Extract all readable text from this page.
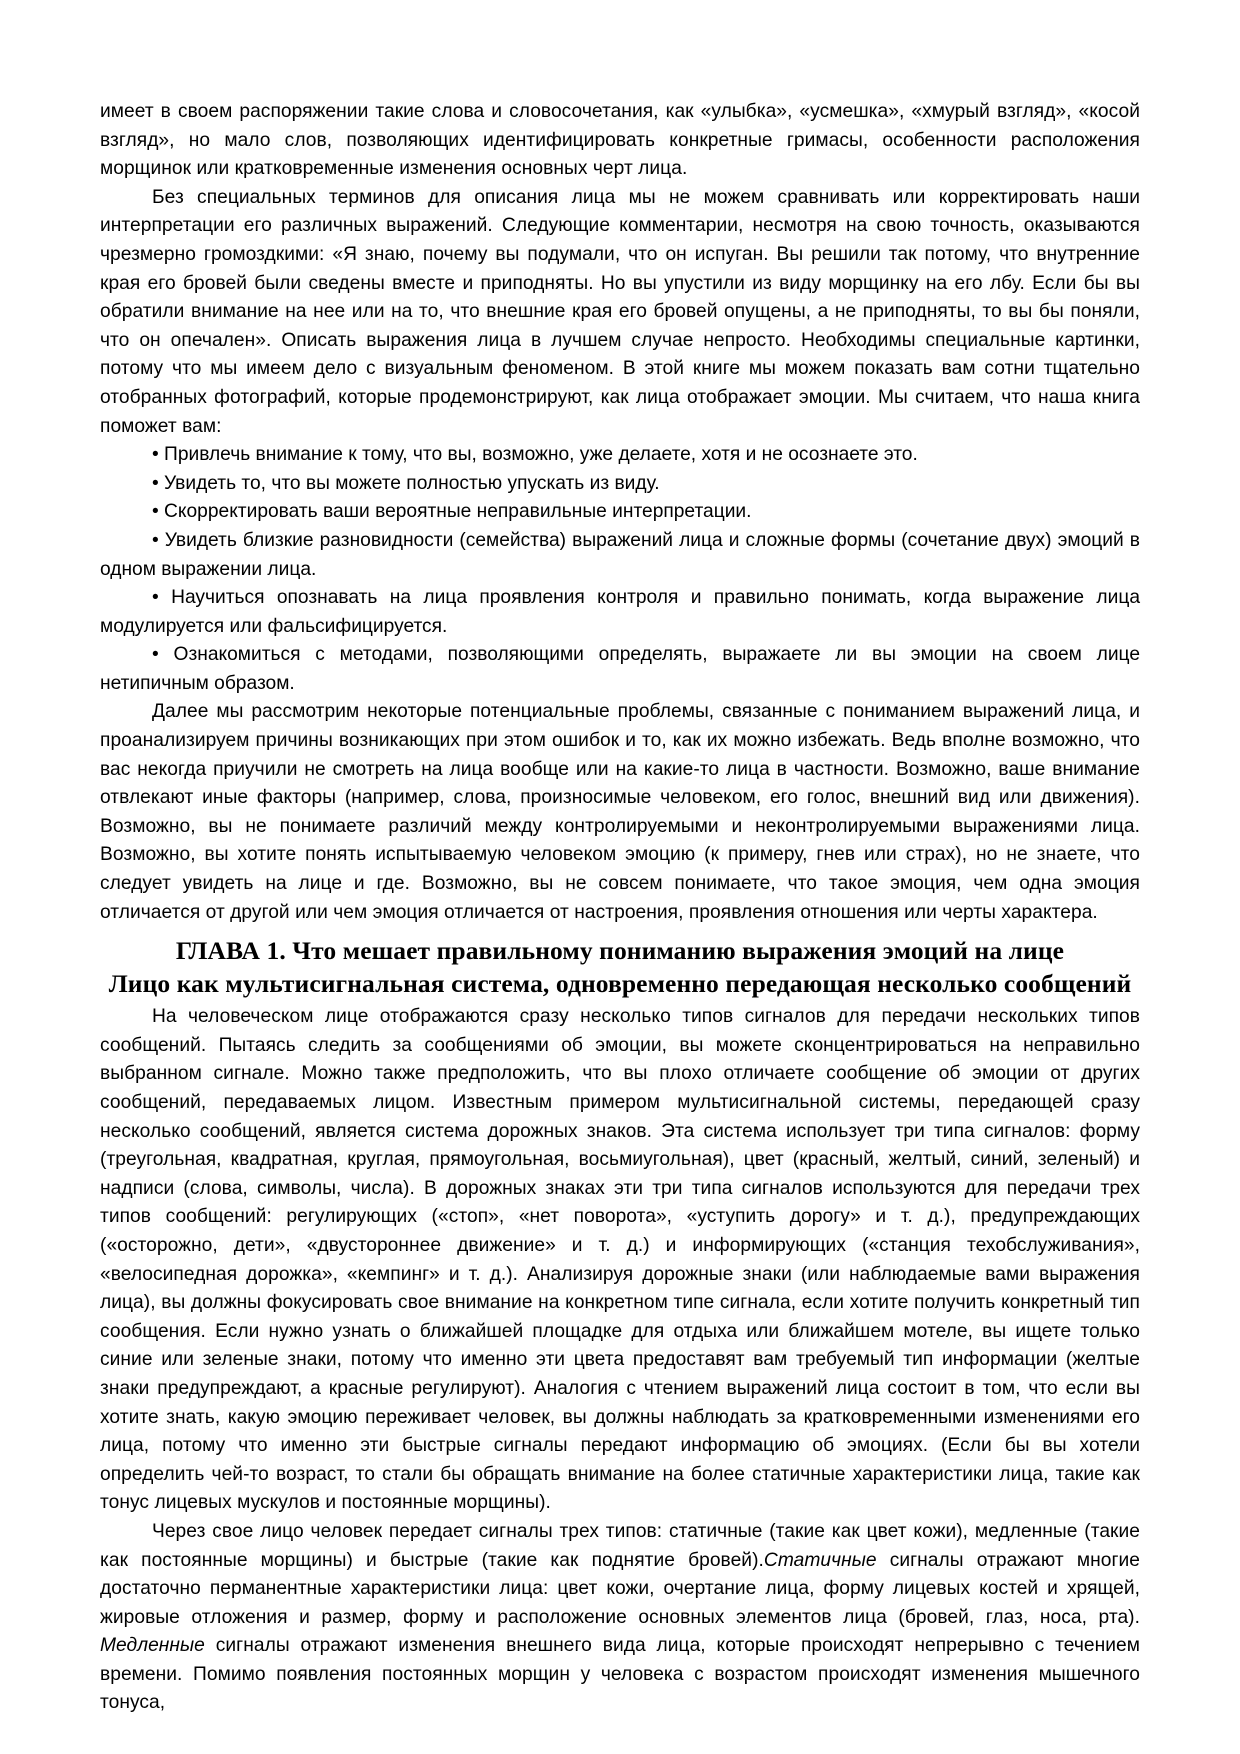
имеет в своем распоряжении такие слова и словосочетания, как «улыбка», «усмешка», «хмурый взгляд», «косой взгляд», но мало слов, позволяющих идентифицировать конкретные гримасы, особенности расположения морщинок или кратковременные изменения основных черт лица.

Без специальных терминов для описания лица мы не можем сравнивать или корректировать наши интерпретации его различных выражений. Следующие комментарии, несмотря на свою точность, оказываются чрезмерно громоздкими: «Я знаю, почему вы подумали, что он испуган. Вы решили так потому, что внутренние края его бровей были сведены вместе и приподняты. Но вы упустили из виду морщинку на его лбу. Если бы вы обратили внимание на нее или на то, что внешние края его бровей опущены, а не приподняты, то вы бы поняли, что он опечален». Описать выражения лица в лучшем случае непросто. Необходимы специальные картинки, потому что мы имеем дело с визуальным феноменом. В этой книге мы можем показать вам сотни тщательно отобранных фотографий, которые продемонстрируют, как лица отображает эмоции. Мы считаем, что наша книга поможет вам:

• Привлечь внимание к тому, что вы, возможно, уже делаете, хотя и не осознаете это.

• Увидеть то, что вы можете полностью упускать из виду.

• Скорректировать ваши вероятные неправильные интерпретации.

• Увидеть близкие разновидности (семейства) выражений лица и сложные формы (сочетание двух) эмоций в одном выражении лица.

• Научиться опознавать на лица проявления контроля и правильно понимать, когда выражение лица модулируется или фальсифицируется.

• Ознакомиться с методами, позволяющими определять, выражаете ли вы эмоции на своем лице нетипичным образом.

Далее мы рассмотрим некоторые потенциальные проблемы, связанные с пониманием выражений лица, и проанализируем причины возникающих при этом ошибок и то, как их можно избежать. Ведь вполне возможно, что вас некогда приучили не смотреть на лица вообще или на какие-то лица в частности. Возможно, ваше внимание отвлекают иные факторы (например, слова, произносимые человеком, его голос, внешний вид или движения). Возможно, вы не понимаете различий между контролируемыми и неконтролируемыми выражениями лица. Возможно, вы хотите понять испытываемую человеком эмоцию (к примеру, гнев или страх), но не знаете, что следует увидеть на лице и где. Возможно, вы не совсем понимаете, что такое эмоция, чем одна эмоция отличается от другой или чем эмоция отличается от настроения, проявления отношения или черты характера.

ГЛАВА 1. Что мешает правильному пониманию выражения эмоций на лице
Лицо как мультисигнальная система, одновременно передающая несколько сообщений

На человеческом лице отображаются сразу несколько типов сигналов для передачи нескольких типов сообщений. Пытаясь следить за сообщениями об эмоции, вы можете сконцентрироваться на неправильно выбранном сигнале. Можно также предположить, что вы плохо отличаете сообщение об эмоции от других сообщений, передаваемых лицом. Известным примером мультисигнальной системы, передающей сразу несколько сообщений, является система дорожных знаков. Эта система использует три типа сигналов: форму (треугольная, квадратная, круглая, прямоугольная, восьмиугольная), цвет (красный, желтый, синий, зеленый) и надписи (слова, символы, числа). В дорожных знаках эти три типа сигналов используются для передачи трех типов сообщений: регулирующих («стоп», «нет поворота», «уступить дорогу» и т. д.), предупреждающих («осторожно, дети», «двустороннее движение» и т. д.) и информирующих («станция техобслуживания», «велосипедная дорожка», «кемпинг» и т. д.). Анализируя дорожные знаки (или наблюдаемые вами выражения лица), вы должны фокусировать свое внимание на конкретном типе сигнала, если хотите получить конкретный тип сообщения. Если нужно узнать о ближайшей площадке для отдыха или ближайшем мотеле, вы ищете только синие или зеленые знаки, потому что именно эти цвета предоставят вам требуемый тип информации (желтые знаки предупреждают, а красные регулируют). Аналогия с чтением выражений лица состоит в том, что если вы хотите знать, какую эмоцию переживает человек, вы должны наблюдать за кратковременными изменениями его лица, потому что именно эти быстрые сигналы передают информацию об эмоциях. (Если бы вы хотели определить чей-то возраст, то стали бы обращать внимание на более статичные характеристики лица, такие как тонус лицевых мускулов и постоянные морщины).

Через свое лицо человек передает сигналы трех типов: статичные (такие как цвет кожи), медленные (такие как постоянные морщины) и быстрые (такие как поднятие бровей).Статичные сигналы отражают многие достаточно перманентные характеристики лица: цвет кожи, очертание лица, форму лицевых костей и хрящей, жировые отложения и размер, форму и расположение основных элементов лица (бровей, глаз, носа, рта). Медленные сигналы отражают изменения внешнего вида лица, которые происходят непрерывно с течением времени. Помимо появления постоянных морщин у человека с возрастом происходят изменения мышечного тонуса,
